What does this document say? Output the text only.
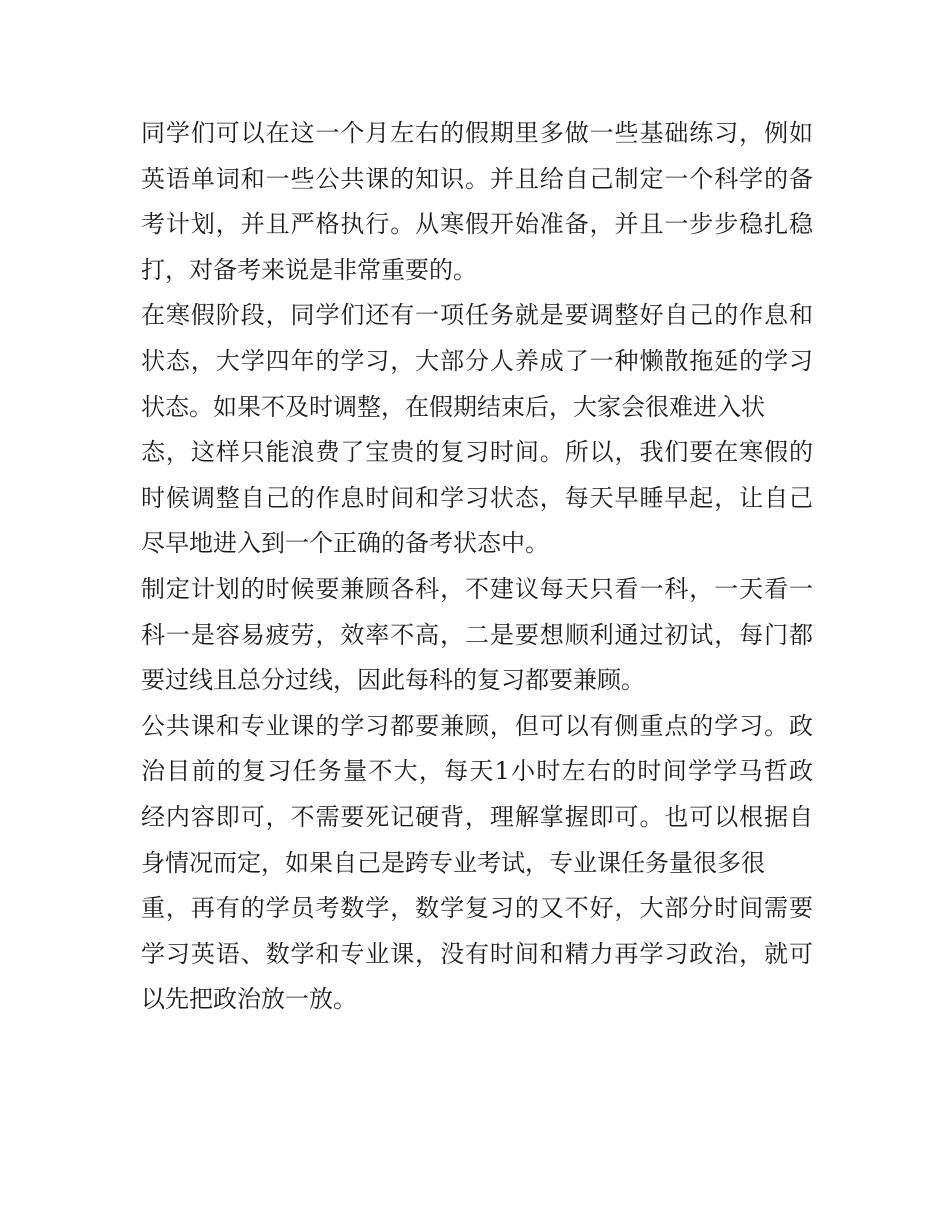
同学们可以在这一个月左右的假期里多做一些基础练习，例如
英语单词和一些公共课的知识。并且给自己制定一个科学的备
考计划，并且严格执行。从寒假开始准备，并且一步步稳扎稳
打，对备考来说是非常重要的。
在寒假阶段，同学们还有一项任务就是要调整好自己的作息和
状态，大学四年的学习，大部分人养成了一种懒散拖延的学习
状态。如果不及时调整，在假期结束后，大家会很难进入状
态，这样只能浪费了宝贵的复习时间。所以，我们要在寒假的
时候调整自己的作息时间和学习状态，每天早睡早起，让自己
尽早地进入到一个正确的备考状态中。
制定计划的时候要兼顾各科，不建议每天只看一科，一天看一
科一是容易疲劳，效率不高，二是要想顺利通过初试，每门都
要过线且总分过线，因此每科的复习都要兼顾。
公共课和专业课的学习都要兼顾，但可以有侧重点的学习。政
治目前的复习任务量不大，每天1小时左右的时间学学马哲政
经内容即可，不需要死记硬背，理解掌握即可。也可以根据自
身情况而定，如果自己是跨专业考试，专业课任务量很多很
重，再有的学员考数学，数学复习的又不好，大部分时间需要
学习英语、数学和专业课，没有时间和精力再学习政治，就可
以先把政治放一放。
